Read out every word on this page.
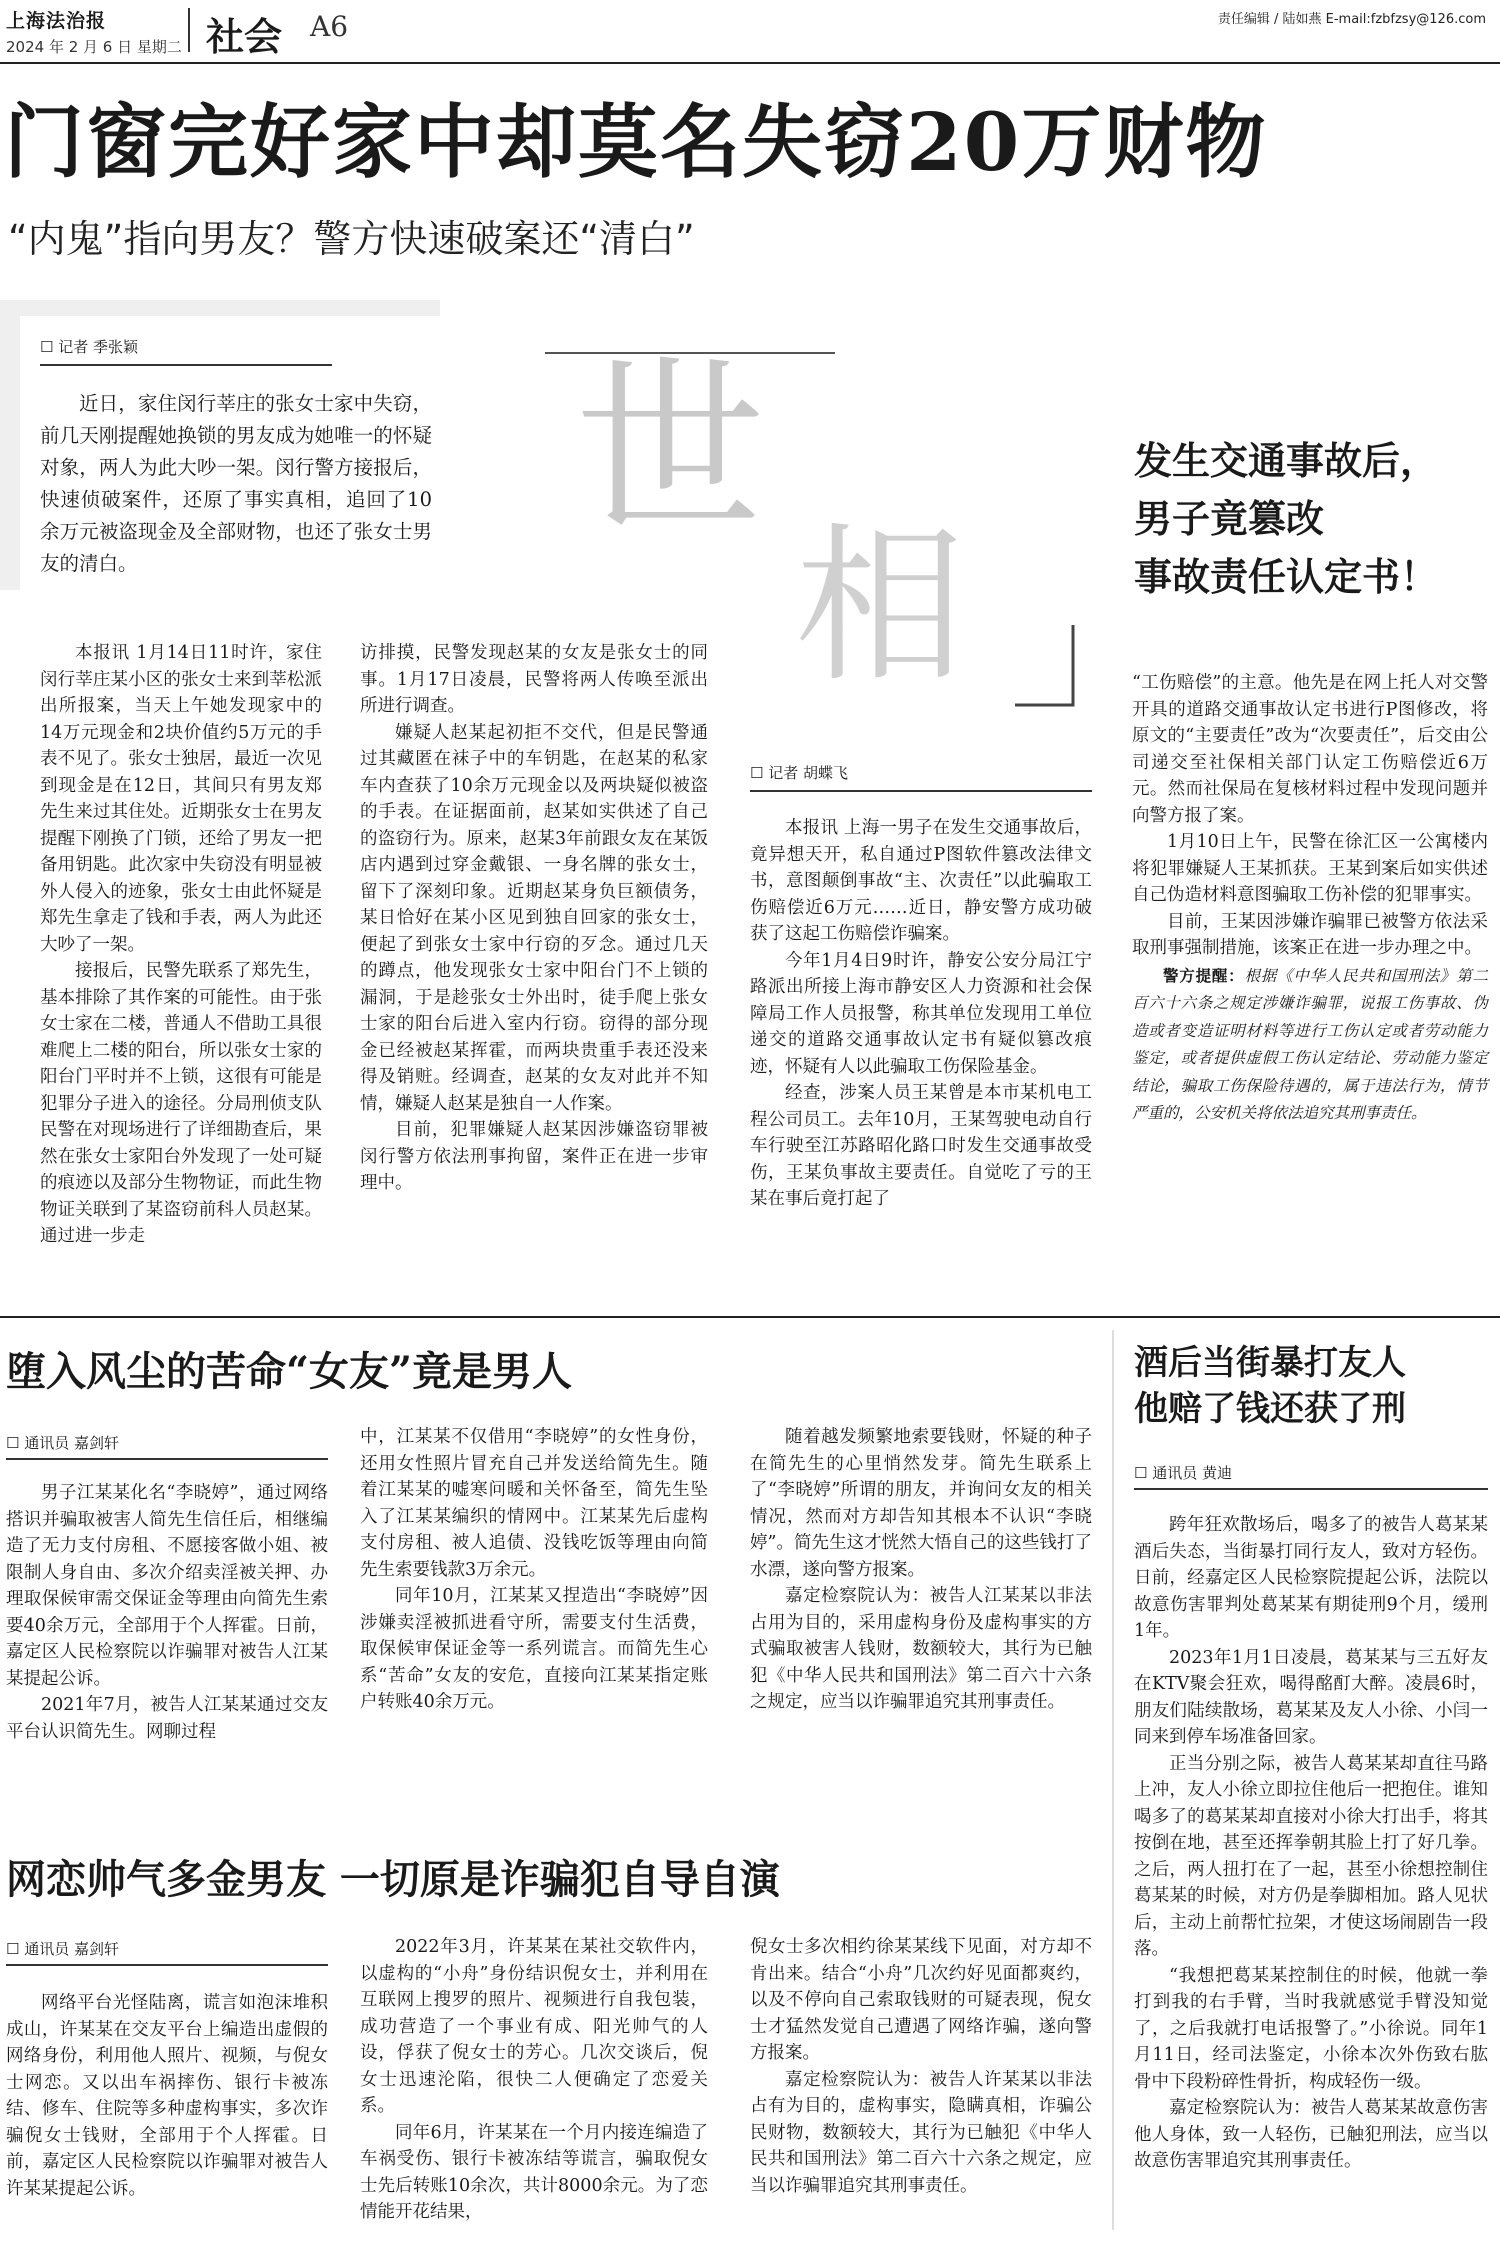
上海法治报
2024 年 2 月 6 日 星期二 社会 A6	责任编辑 / 陆如燕 E-mail:fzbfzsy@126.com
门窗完好家中却莫名失窃20万财物
“内鬼”指向男友？警方快速破案还“清白”
☐ 记者 季张颖
近日，家住闵行莘庄的张女士家中失窃，前几天刚提醒她换锁的男友成为她唯一的怀疑对象，两人为此大吵一架。闵行警方接报后，快速侦破案件，还原了事实真相，追回了10余万元被盗现金及全部财物，也还了张女士男友的清白。

本报讯 1月14日11时许，家住闵行莘庄某小区的张女士来到莘松派出所报案，当天上午她发现家中的14万元现金和2块价值约5万元的手表不见了。张女士独居，最近一次见到现金是在12日，其间只有男友郑先生来过其住处。近期张女士在男友提醒下刚换了门锁，还给了男友一把备用钥匙。此次家中失窃没有明显被外人侵入的迹象，张女士由此怀疑是郑先生拿走了钱和手表，两人为此还大吵了一架。

接报后，民警先联系了郑先生，基本排除了其作案的可能性。由于张女士家在二楼，普通人不借助工具很难爬上二楼的阳台，所以张女士家的阳台门平时并不上锁，这很有可能是犯罪分子进入的途径。分局刑侦支队民警在对现场进行了详细勘查后，果然在张女士家阳台外发现了一处可疑的痕迹以及部分生物物证，而此生物物证关联到了某盗窃前科人员赵某。通过进一步走

访排摸，民警发现赵某的女友是张女士的同事。1月17日凌晨，民警将两人传唤至派出所进行调查。

嫌疑人赵某起初拒不交代，但是民警通过其藏匿在袜子中的车钥匙，在赵某的私家车内查获了10余万元现金以及两块疑似被盗的手表。在证据面前，赵某如实供述了自己的盗窃行为。原来，赵某3年前跟女友在某饭店内遇到过穿金戴银、一身名牌的张女士，留下了深刻印象。近期赵某身负巨额债务，某日恰好在某小区见到独自回家的张女士，便起了到张女士家中行窃的歹念。通过几天的蹲点，他发现张女士家中阳台门不上锁的漏洞，于是趁张女士外出时，徒手爬上张女士家的阳台后进入室内行窃。窃得的部分现金已经被赵某挥霍，而两块贵重手表还没来得及销赃。经调查，赵某的女友对此并不知情，嫌疑人赵某是独自一人作案。

目前，犯罪嫌疑人赵某因涉嫌盗窃罪被闵行警方依法刑事拘留，案件正在进一步审理中。

世
相
发生交通事故后，
男子竟篡改
事故责任认定书！
☐ 记者 胡蝶飞

本报讯 上海一男子在发生交通事故后，竟异想天开，私自通过P图软件篡改法律文书，意图颠倒事故“主、次责任”以此骗取工伤赔偿近6万元……近日，静安警方成功破获了这起工伤赔偿诈骗案。

今年1月4日9时许，静安公安分局江宁路派出所接上海市静安区人力资源和社会保障局工作人员报警，称其单位发现用工单位递交的道路交通事故认定书有疑似篡改痕迹，怀疑有人以此骗取工伤保险基金。

经查，涉案人员王某曾是本市某机电工程公司员工。去年10月，王某驾驶电动自行车行驶至江苏路昭化路口时发生交通事故受伤，王某负事故主要责任。自觉吃了亏的王某在事后竟打起了

“工伤赔偿”的主意。他先是在网上托人对交警开具的道路交通事故认定书进行P图修改，将原文的“主要责任”改为“次要责任”，后交由公司递交至社保相关部门认定工伤赔偿近6万元。然而社保局在复核材料过程中发现问题并向警方报了案。

1月10日上午，民警在徐汇区一公寓楼内将犯罪嫌疑人王某抓获。王某到案后如实供述自己伪造材料意图骗取工伤补偿的犯罪事实。

目前，王某因涉嫌诈骗罪已被警方依法采取刑事强制措施，该案正在进一步办理之中。

警方提醒：根据《中华人民共和国刑法》第二百六十六条之规定涉嫌诈骗罪，说报工伤事故、伪造或者变造证明材料等进行工伤认定或者劳动能力鉴定，或者提供虚假工伤认定结论、劳动能力鉴定结论，骗取工伤保险待遇的，属于违法行为，情节严重的，公安机关将依法追究其刑事责任。

堕入风尘的苦命“女友”竟是男人
☐ 通讯员 嘉剑轩

男子江某某化名“李晓婷”，通过网络搭识并骗取被害人简先生信任后，相继编造了无力支付房租、不愿接客做小姐、被限制人身自由、多次介绍卖淫被关押、办理取保候审需交保证金等理由向简先生索要40余万元，全部用于个人挥霍。日前，嘉定区人民检察院以诈骗罪对被告人江某某提起公诉。

2021年7月，被告人江某某通过交友平台认识简先生。网聊过程

中，江某某不仅借用“李晓婷”的女性身份，还用女性照片冒充自己并发送给简先生。随着江某某的嘘寒问暖和关怀备至，简先生坠入了江某某编织的情网中。江某某先后虚构支付房租、被人追债、没钱吃饭等理由向简先生索要钱款3万余元。

同年10月，江某某又捏造出“李晓婷”因涉嫌卖淫被抓进看守所，需要支付生活费，取保候审保证金等一系列谎言。而简先生心系“苦命”女友的安危，直接向江某某指定账户转账40余万元。

随着越发频繁地索要钱财，怀疑的种子在简先生的心里悄然发芽。简先生联系上了“李晓婷”所谓的朋友，并询问女友的相关情况，然而对方却告知其根本不认识“李晓婷”。简先生这才恍然大悟自己的这些钱打了水漂，遂向警方报案。

嘉定检察院认为：被告人江某某以非法占用为目的，采用虚构身份及虚构事实的方式骗取被害人钱财，数额较大，其行为已触犯《中华人民共和国刑法》第二百六十六条之规定，应当以诈骗罪追究其刑事责任。

酒后当街暴打友人
他赔了钱还获了刑
☐ 通讯员 黄迪

跨年狂欢散场后，喝多了的被告人葛某某酒后失态，当街暴打同行友人，致对方轻伤。日前，经嘉定区人民检察院提起公诉，法院以故意伤害罪判处葛某某有期徒刑9个月，缓刑1年。

2023年1月1日凌晨，葛某某与三五好友在KTV聚会狂欢，喝得酩酊大醉。凌晨6时，朋友们陆续散场，葛某某及友人小徐、小闫一同来到停车场准备回家。

正当分别之际，被告人葛某某却直往马路上冲，友人小徐立即拉住他后一把抱住。谁知喝多了的葛某某却直接对小徐大打出手，将其按倒在地，甚至还挥拳朝其脸上打了好几拳。之后，两人扭打在了一起，甚至小徐想控制住葛某某的时候，对方仍是拳脚相加。路人见状后，主动上前帮忙拉架，才使这场闹剧告一段落。

“我想把葛某某控制住的时候，他就一拳打到我的右手臂，当时我就感觉手臂没知觉了，之后我就打电话报警了。”小徐说。同年1月11日，经司法鉴定，小徐本次外伤致右肱骨中下段粉碎性骨折，构成轻伤一级。

嘉定检察院认为：被告人葛某某故意伤害他人身体，致一人轻伤，已触犯刑法，应当以故意伤害罪追究其刑事责任。

网恋帅气多金男友 一切原是诈骗犯自导自演
☐ 通讯员 嘉剑轩

网络平台光怪陆离，谎言如泡沫堆积成山，许某某在交友平台上编造出虚假的网络身份，利用他人照片、视频，与倪女士网恋。又以出车祸摔伤、银行卡被冻结、修车、住院等多种虚构事实，多次诈骗倪女士钱财，全部用于个人挥霍。日前，嘉定区人民检察院以诈骗罪对被告人许某某提起公诉。

2022年3月，许某某在某社交软件内，以虚构的“小舟”身份结识倪女士，并利用在互联网上搜罗的照片、视频进行自我包装，成功营造了一个事业有成、阳光帅气的人设，俘获了倪女士的芳心。几次交谈后，倪女士迅速沦陷，很快二人便确定了恋爱关系。

同年6月，许某某在一个月内接连编造了车祸受伤、银行卡被冻结等谎言，骗取倪女士先后转账10余次，共计8000余元。为了恋情能开花结果，

倪女士多次相约徐某某线下见面，对方却不肯出来。结合“小舟”几次约好见面都爽约，以及不停向自己索取钱财的可疑表现，倪女士才猛然发觉自己遭遇了网络诈骗，遂向警方报案。

嘉定检察院认为：被告人许某某以非法占有为目的，虚构事实，隐瞒真相，诈骗公民财物，数额较大，其行为已触犯《中华人民共和国刑法》第二百六十六条之规定，应当以诈骗罪追究其刑事责任。
